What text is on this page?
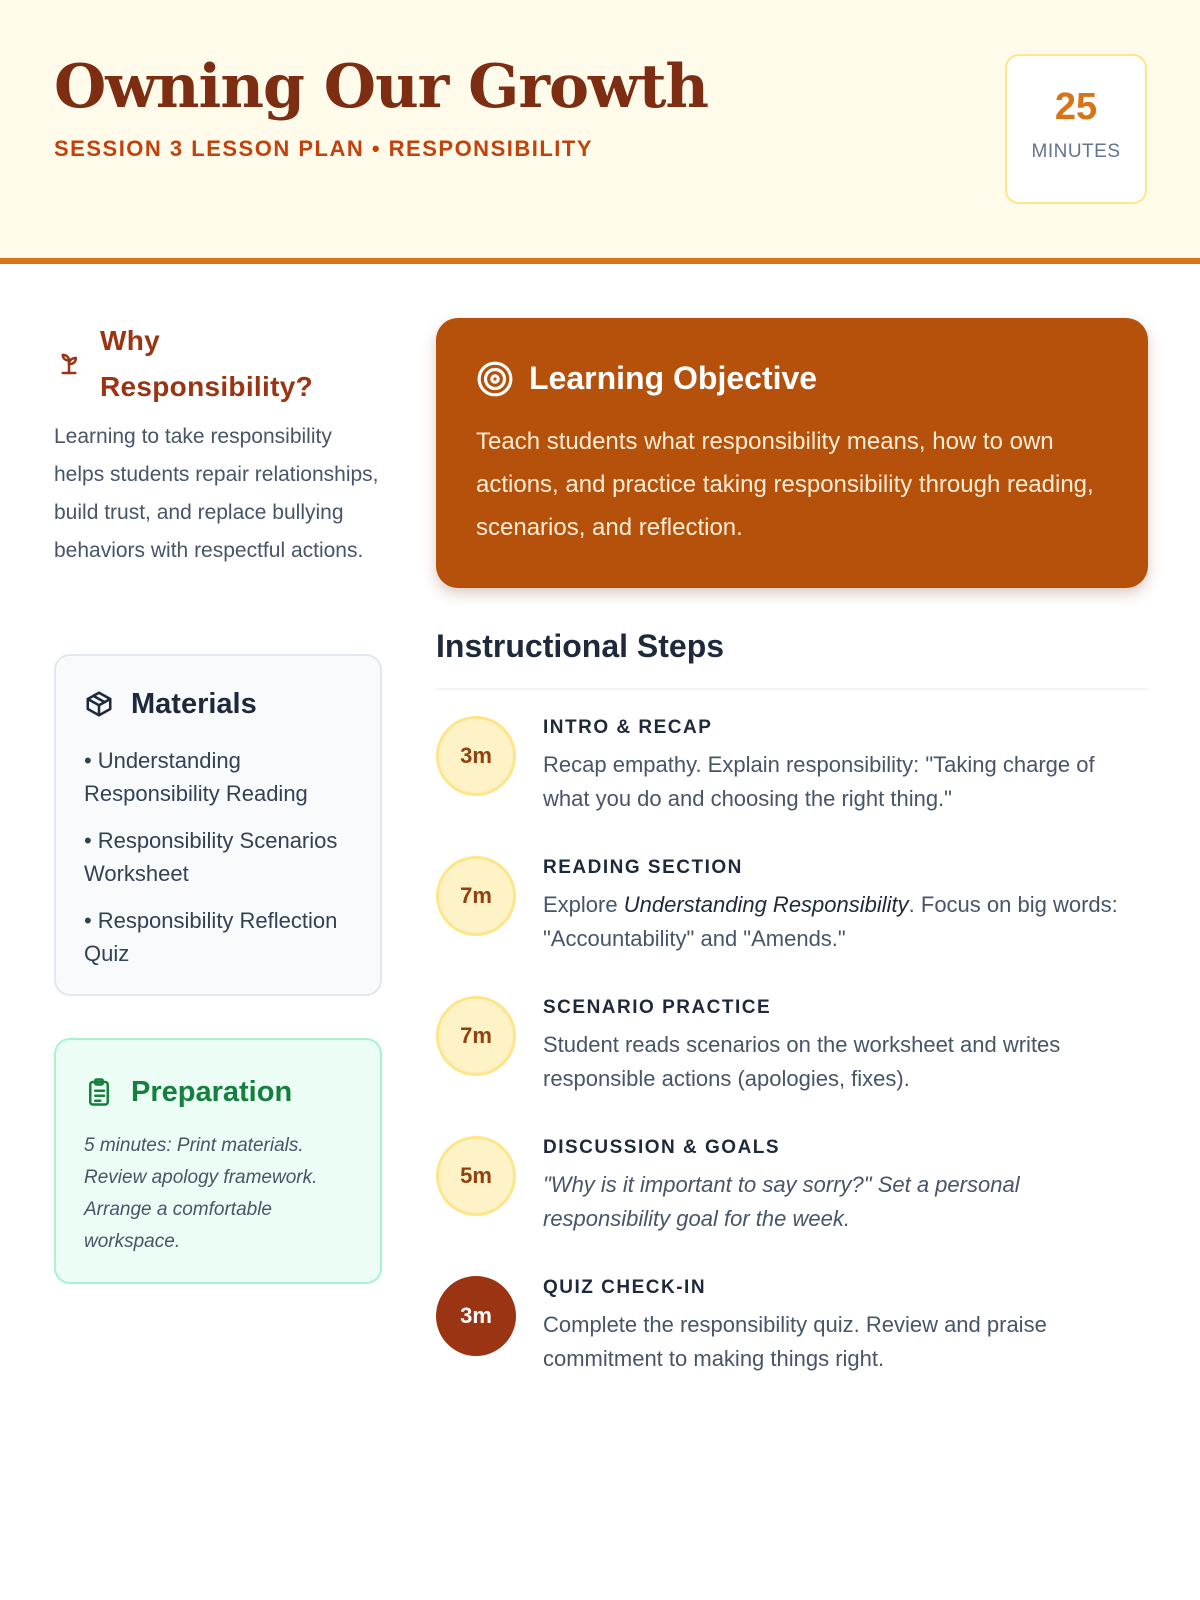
Owning Our Growth
SESSION 3 LESSON PLAN • RESPONSIBILITY
25
MINUTES
Why Responsibility?

Learning to take responsibility helps students repair relationships, build trust, and replace bullying behaviors with respectful actions.

Materials
• Understanding Responsibility Reading
• Responsibility Scenarios Worksheet
• Responsibility Reflection Quiz
Preparation

5 minutes: Print materials. Review apology framework. Arrange a comfortable workspace.

Learning Objective

Teach students what responsibility means, how to own actions, and practice taking responsibility through reading, scenarios, and reflection.

Instructional Steps
3m
INTRO & RECAP

Recap empathy. Explain responsibility: "Taking charge of what you do and choosing the right thing."

7m
READING SECTION

Explore Understanding Responsibility. Focus on big words: "Accountability" and "Amends."

7m
SCENARIO PRACTICE

Student reads scenarios on the worksheet and writes responsible actions (apologies, fixes).

5m
DISCUSSION & GOALS

"Why is it important to say sorry?" Set a personal responsibility goal for the week.

3m
QUIZ CHECK-IN

Complete the responsibility quiz. Review and praise commitment to making things right.
